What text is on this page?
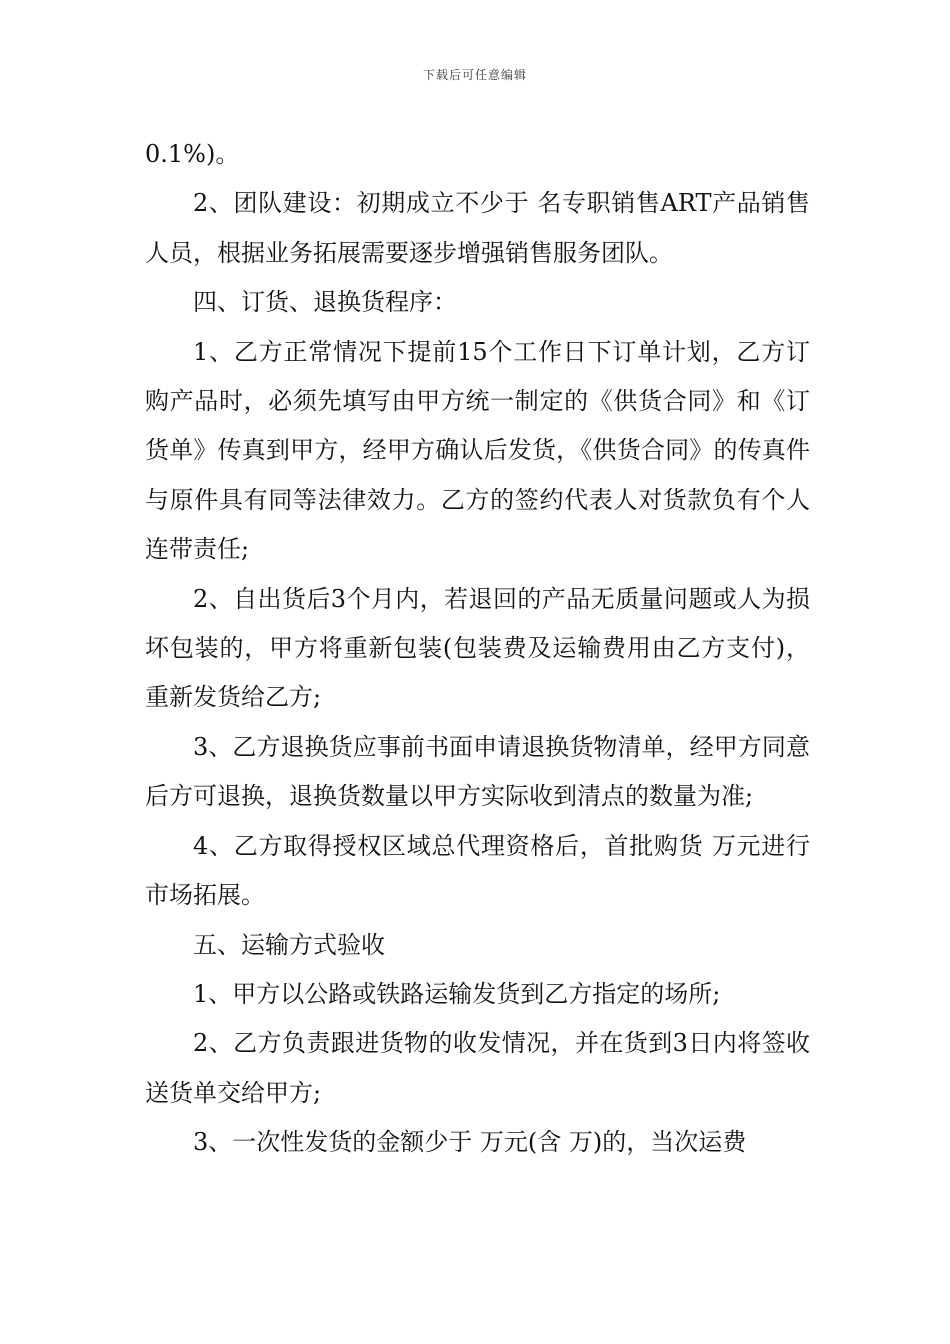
下载后可任意编辑

0.1%)。

2、团队建设：初期成立不少于 名专职销售ART产品销售人员，根据业务拓展需要逐步增强销售服务团队。

四、订货、退换货程序：

1、乙方正常情况下提前15个工作日下订单计划，乙方订购产品时，必须先填写由甲方统一制定的《供货合同》和《订货单》传真到甲方，经甲方确认后发货，《供货合同》的传真件与原件具有同等法律效力。乙方的签约代表人对货款负有个人连带责任;

2、自出货后3个月内，若退回的产品无质量问题或人为损坏包装的，甲方将重新包装(包装费及运输费用由乙方支付)，重新发货给乙方;

3、乙方退换货应事前书面申请退换货物清单，经甲方同意后方可退换，退换货数量以甲方实际收到清点的数量为准;

4、乙方取得授权区域总代理资格后，首批购货 万元进行市场拓展。

五、运输方式验收

1、甲方以公路或铁路运输发货到乙方指定的场所;

2、乙方负责跟进货物的收发情况，并在货到3日内将签收送货单交给甲方;

3、一次性发货的金额少于 万元(含 万)的，当次运费
